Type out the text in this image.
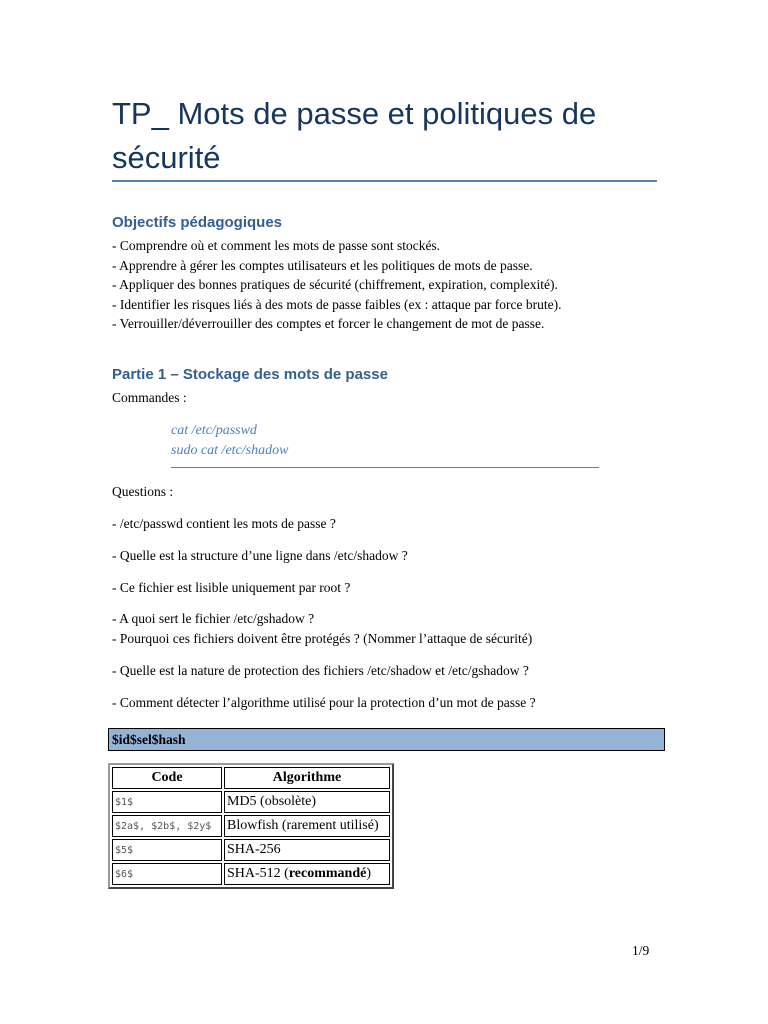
TP_ Mots de passe et politiques de sécurité
Objectifs pédagogiques
- Comprendre où et comment les mots de passe sont stockés.
- Apprendre à gérer les comptes utilisateurs et les politiques de mots de passe.
- Appliquer des bonnes pratiques de sécurité (chiffrement, expiration, complexité).
- Identifier les risques liés à des mots de passe faibles (ex : attaque par force brute).
- Verrouiller/déverrouiller des comptes et forcer le changement de mot de passe.
Partie 1 – Stockage des mots de passe

Commandes :

cat /etc/passwd
sudo cat /etc/shadow

Questions :

- /etc/passwd contient les mots de passe ?

- Quelle est la structure d’une ligne dans /etc/shadow ?

- Ce fichier est lisible uniquement par root ?

- A quoi sert le fichier /etc/gshadow ?

- Pourquoi ces fichiers doivent être protégés ? (Nommer l’attaque de sécurité)

- Quelle est la nature de protection des fichiers /etc/shadow et /etc/gshadow ?

- Comment détecter l’algorithme utilisé pour la protection d’un mot de passe ?

$id$sel$hash
Code	Algorithme
$1$	MD5 (obsolète)
$2a$, $2b$, $2y$	Blowfish (rarement utilisé)
$5$	SHA-256
$6$	SHA-512 (recommandé)
1/9
